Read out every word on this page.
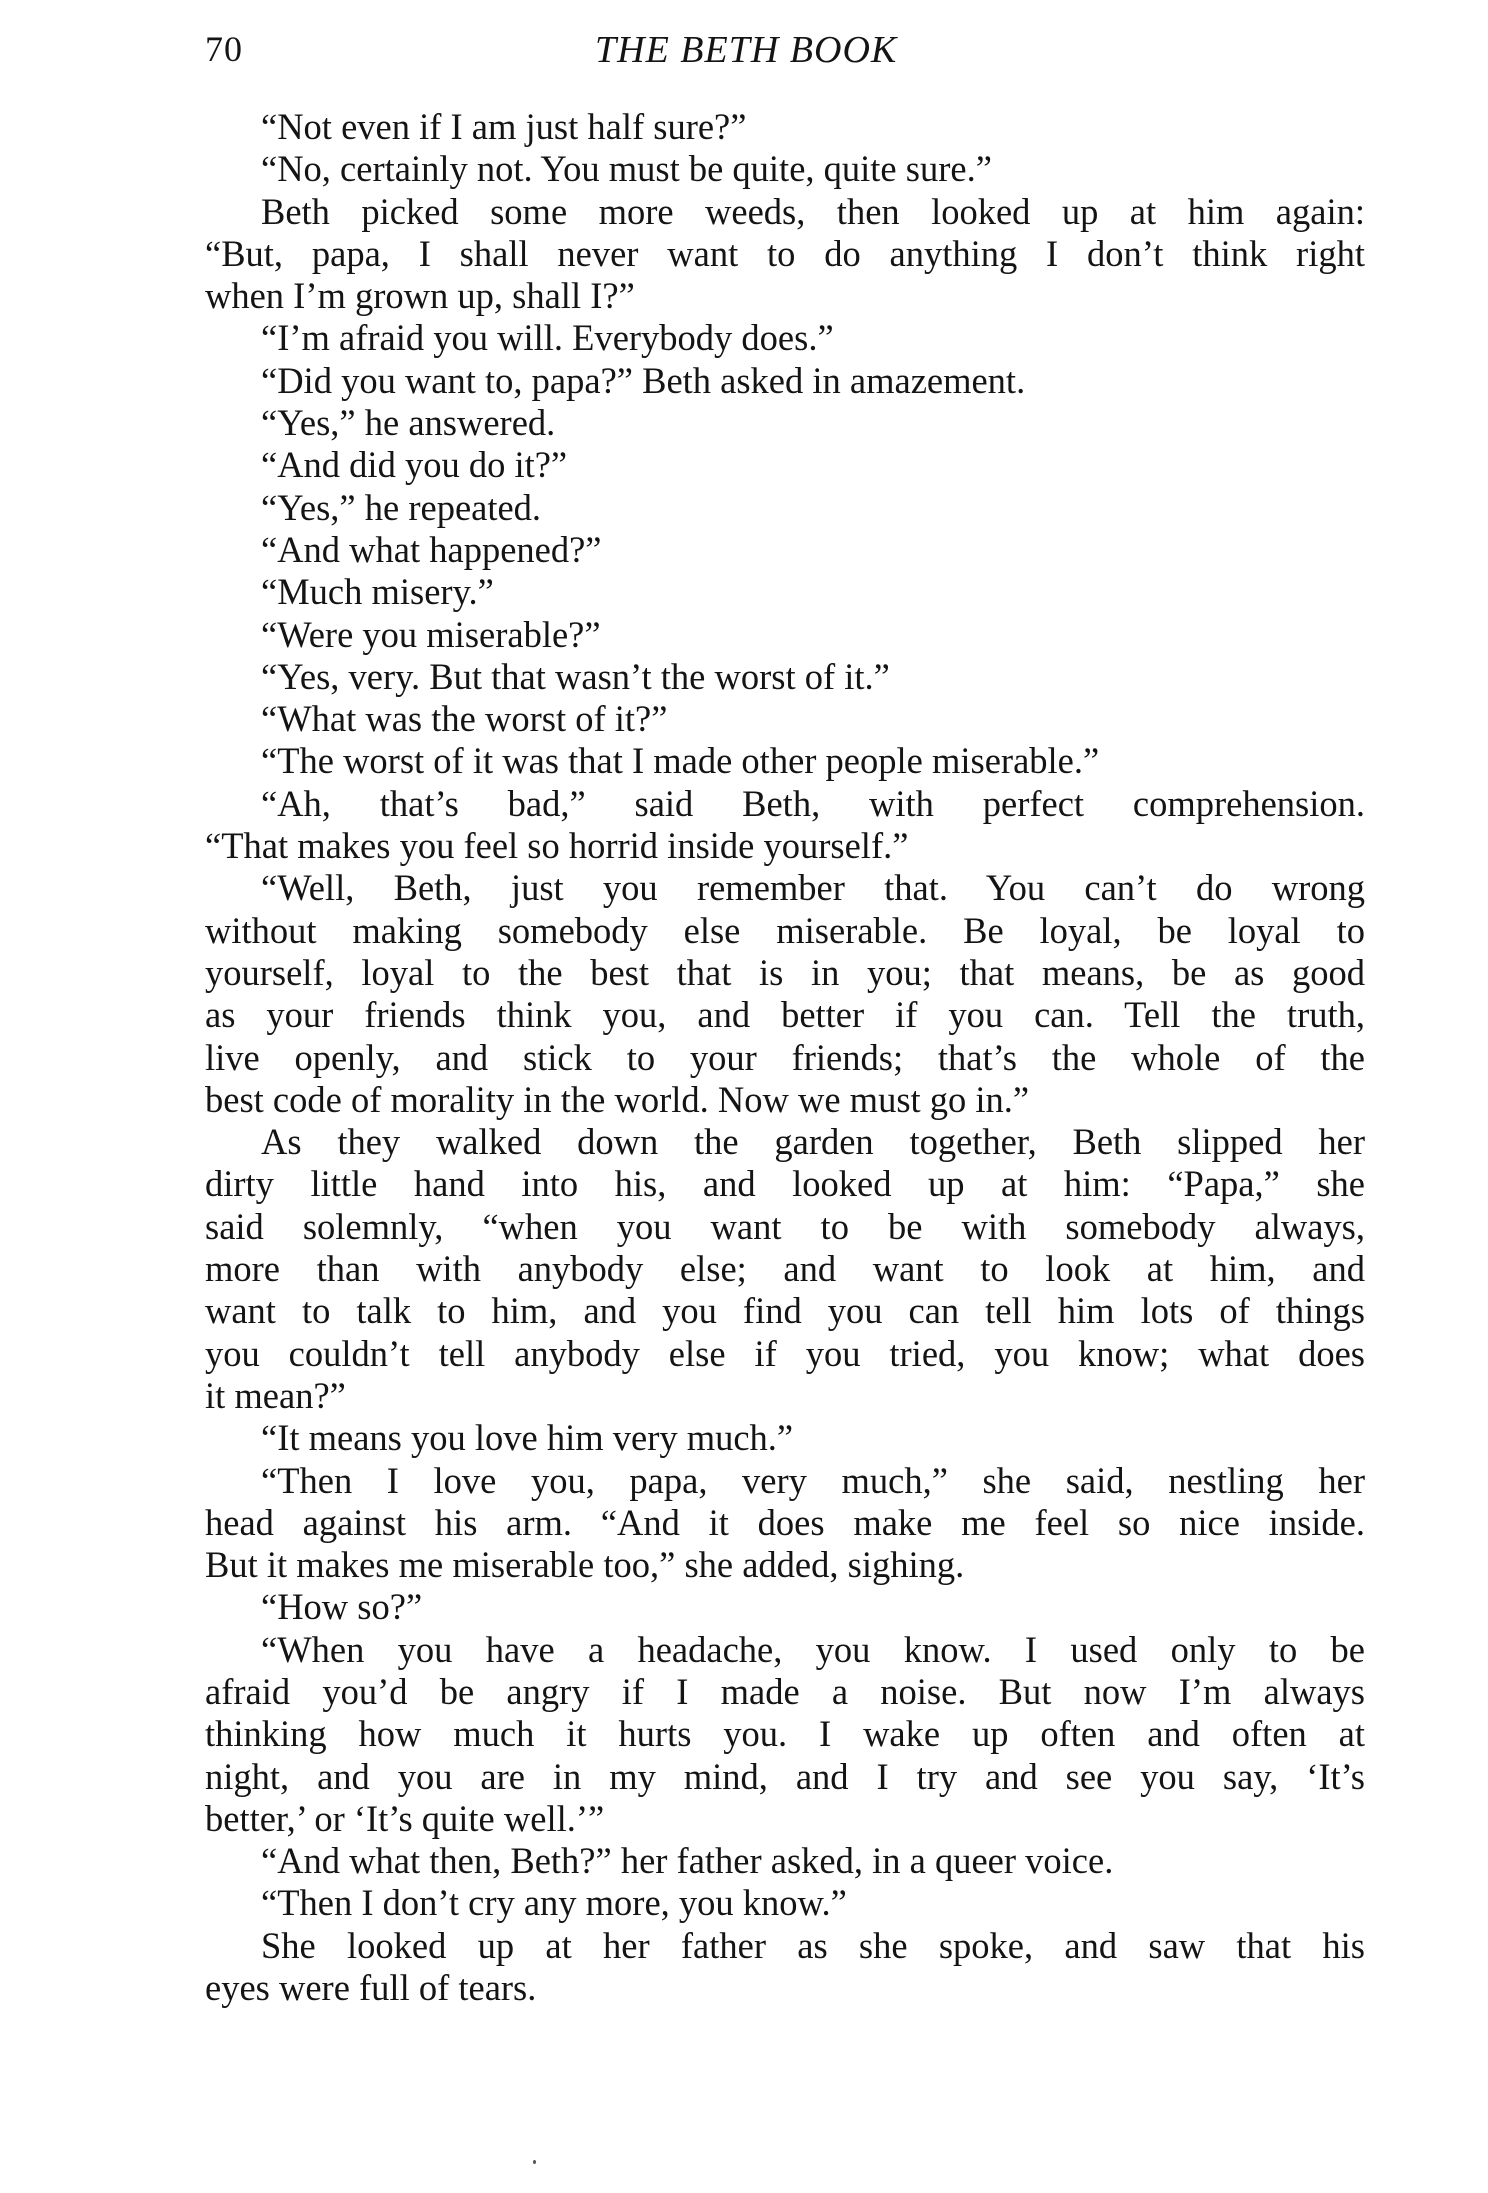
70	THE BETH BOOK
“Not even if I am just half sure?”
“No, certainly not. You must be quite, quite sure.”
Beth picked some more weeds, then looked up at him again:
“But, papa, I shall never want to do anything I don’t think right
when I’m grown up, shall I?”
“I’m afraid you will. Everybody does.”
“Did you want to, papa?” Beth asked in amazement.
“Yes,” he answered.
“And did you do it?”
“Yes,” he repeated.
“And what happened?”
“Much misery.”
“Were you miserable?”
“Yes, very. But that wasn’t the worst of it.”
“What was the worst of it?”
“The worst of it was that I made other people miserable.”
“Ah, that’s bad,” said Beth, with perfect comprehension.
“That makes you feel so horrid inside yourself.”
“Well, Beth, just you remember that. You can’t do wrong
without making somebody else miserable. Be loyal, be loyal to
yourself, loyal to the best that is in you; that means, be as good
as your friends think you, and better if you can. Tell the truth,
live openly, and stick to your friends; that’s the whole of the
best code of morality in the world. Now we must go in.”
As they walked down the garden together, Beth slipped her
dirty little hand into his, and looked up at him: “Papa,” she
said solemnly, “when you want to be with somebody always,
more than with anybody else; and want to look at him, and
want to talk to him, and you find you can tell him lots of things
you couldn’t tell anybody else if you tried, you know; what does
it mean?”
“It means you love him very much.”
“Then I love you, papa, very much,” she said, nestling her
head against his arm. “And it does make me feel so nice inside.
But it makes me miserable too,” she added, sighing.
“How so?”
“When you have a headache, you know. I used only to be
afraid you’d be angry if I made a noise. But now I’m always
thinking how much it hurts you. I wake up often and often at
night, and you are in my mind, and I try and see you say, ‘It’s
better,’ or ‘It’s quite well.’”
“And what then, Beth?” her father asked, in a queer voice.
“Then I don’t cry any more, you know.”
She looked up at her father as she spoke, and saw that his
eyes were full of tears.
